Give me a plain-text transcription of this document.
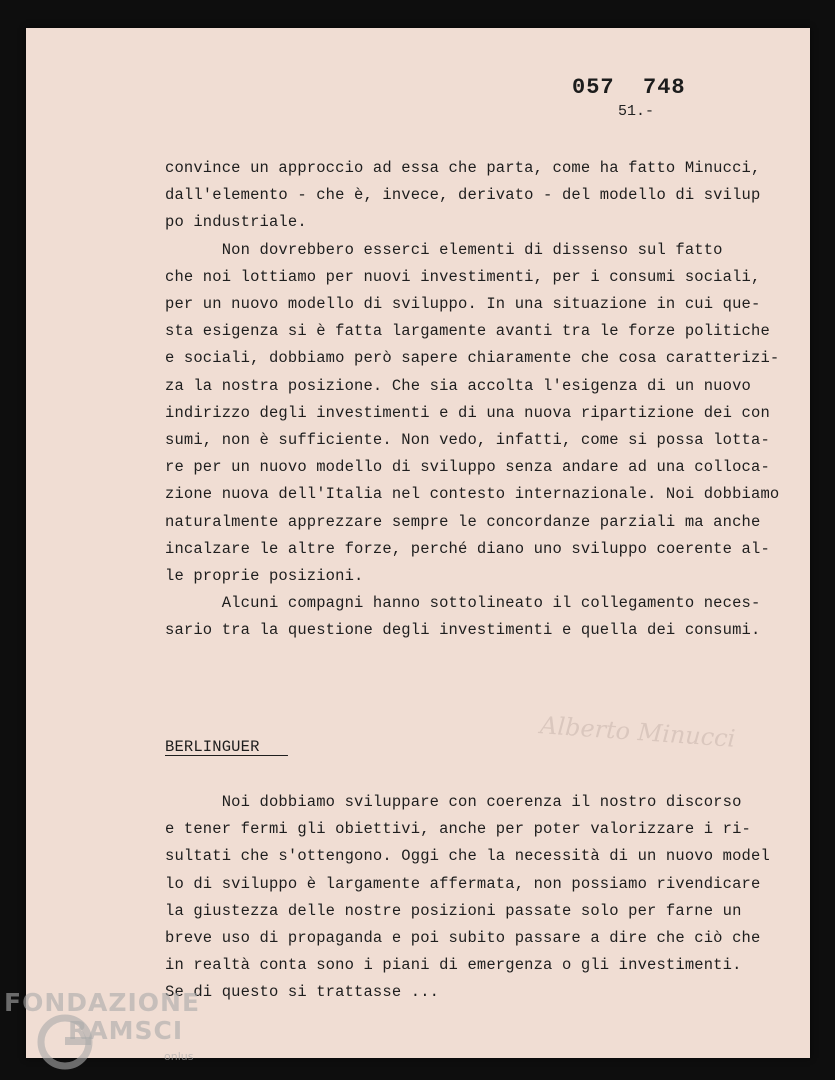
057  748
51.-
convince un approccio ad essa che parta, come ha fatto Minucci,
dall'elemento - che è, invece, derivato - del modello di svilup
po industriale.
Non dovrebbero esserci elementi di dissenso sul fatto
che noi lottiamo per nuovi investimenti, per i consumi sociali,
per un nuovo modello di sviluppo. In una situazione in cui que-
sta esigenza si è fatta largamente avanti tra le forze politiche
e sociali, dobbiamo però sapere chiaramente che cosa caratterizi-
za la nostra posizione. Che sia accolta l'esigenza di un nuovo
indirizzo degli investimenti e di una nuova ripartizione dei con
sumi, non è sufficiente. Non vedo, infatti, come si possa lotta-
re per un nuovo modello di sviluppo senza andare ad una colloca-
zione nuova dell'Italia nel contesto internazionale. Noi dobbiamo
naturalmente apprezzare sempre le concordanze parziali ma anche
incalzare le altre forze, perché diano uno sviluppo coerente al-
le proprie posizioni.
Alcuni compagni hanno sottolineato il collegamento neces-
sario tra la questione degli investimenti e quella dei consumi.
Alberto Minucci
BERLINGUER
Noi dobbiamo sviluppare con coerenza il nostro discorso
e tener fermi gli obiettivi, anche per poter valorizzare i ri-
sultati che s'ottengono. Oggi che la necessità di un nuovo model
lo di sviluppo è largamente affermata, non possiamo rivendicare
la giustezza delle nostre posizioni passate solo per farne un
breve uso di propaganda e poi subito passare a dire che ciò che
in realtà conta sono i piani di emergenza o gli investimenti.
Se di questo si trattasse ...
FONDAZIONE
RAMSCI
onlus
